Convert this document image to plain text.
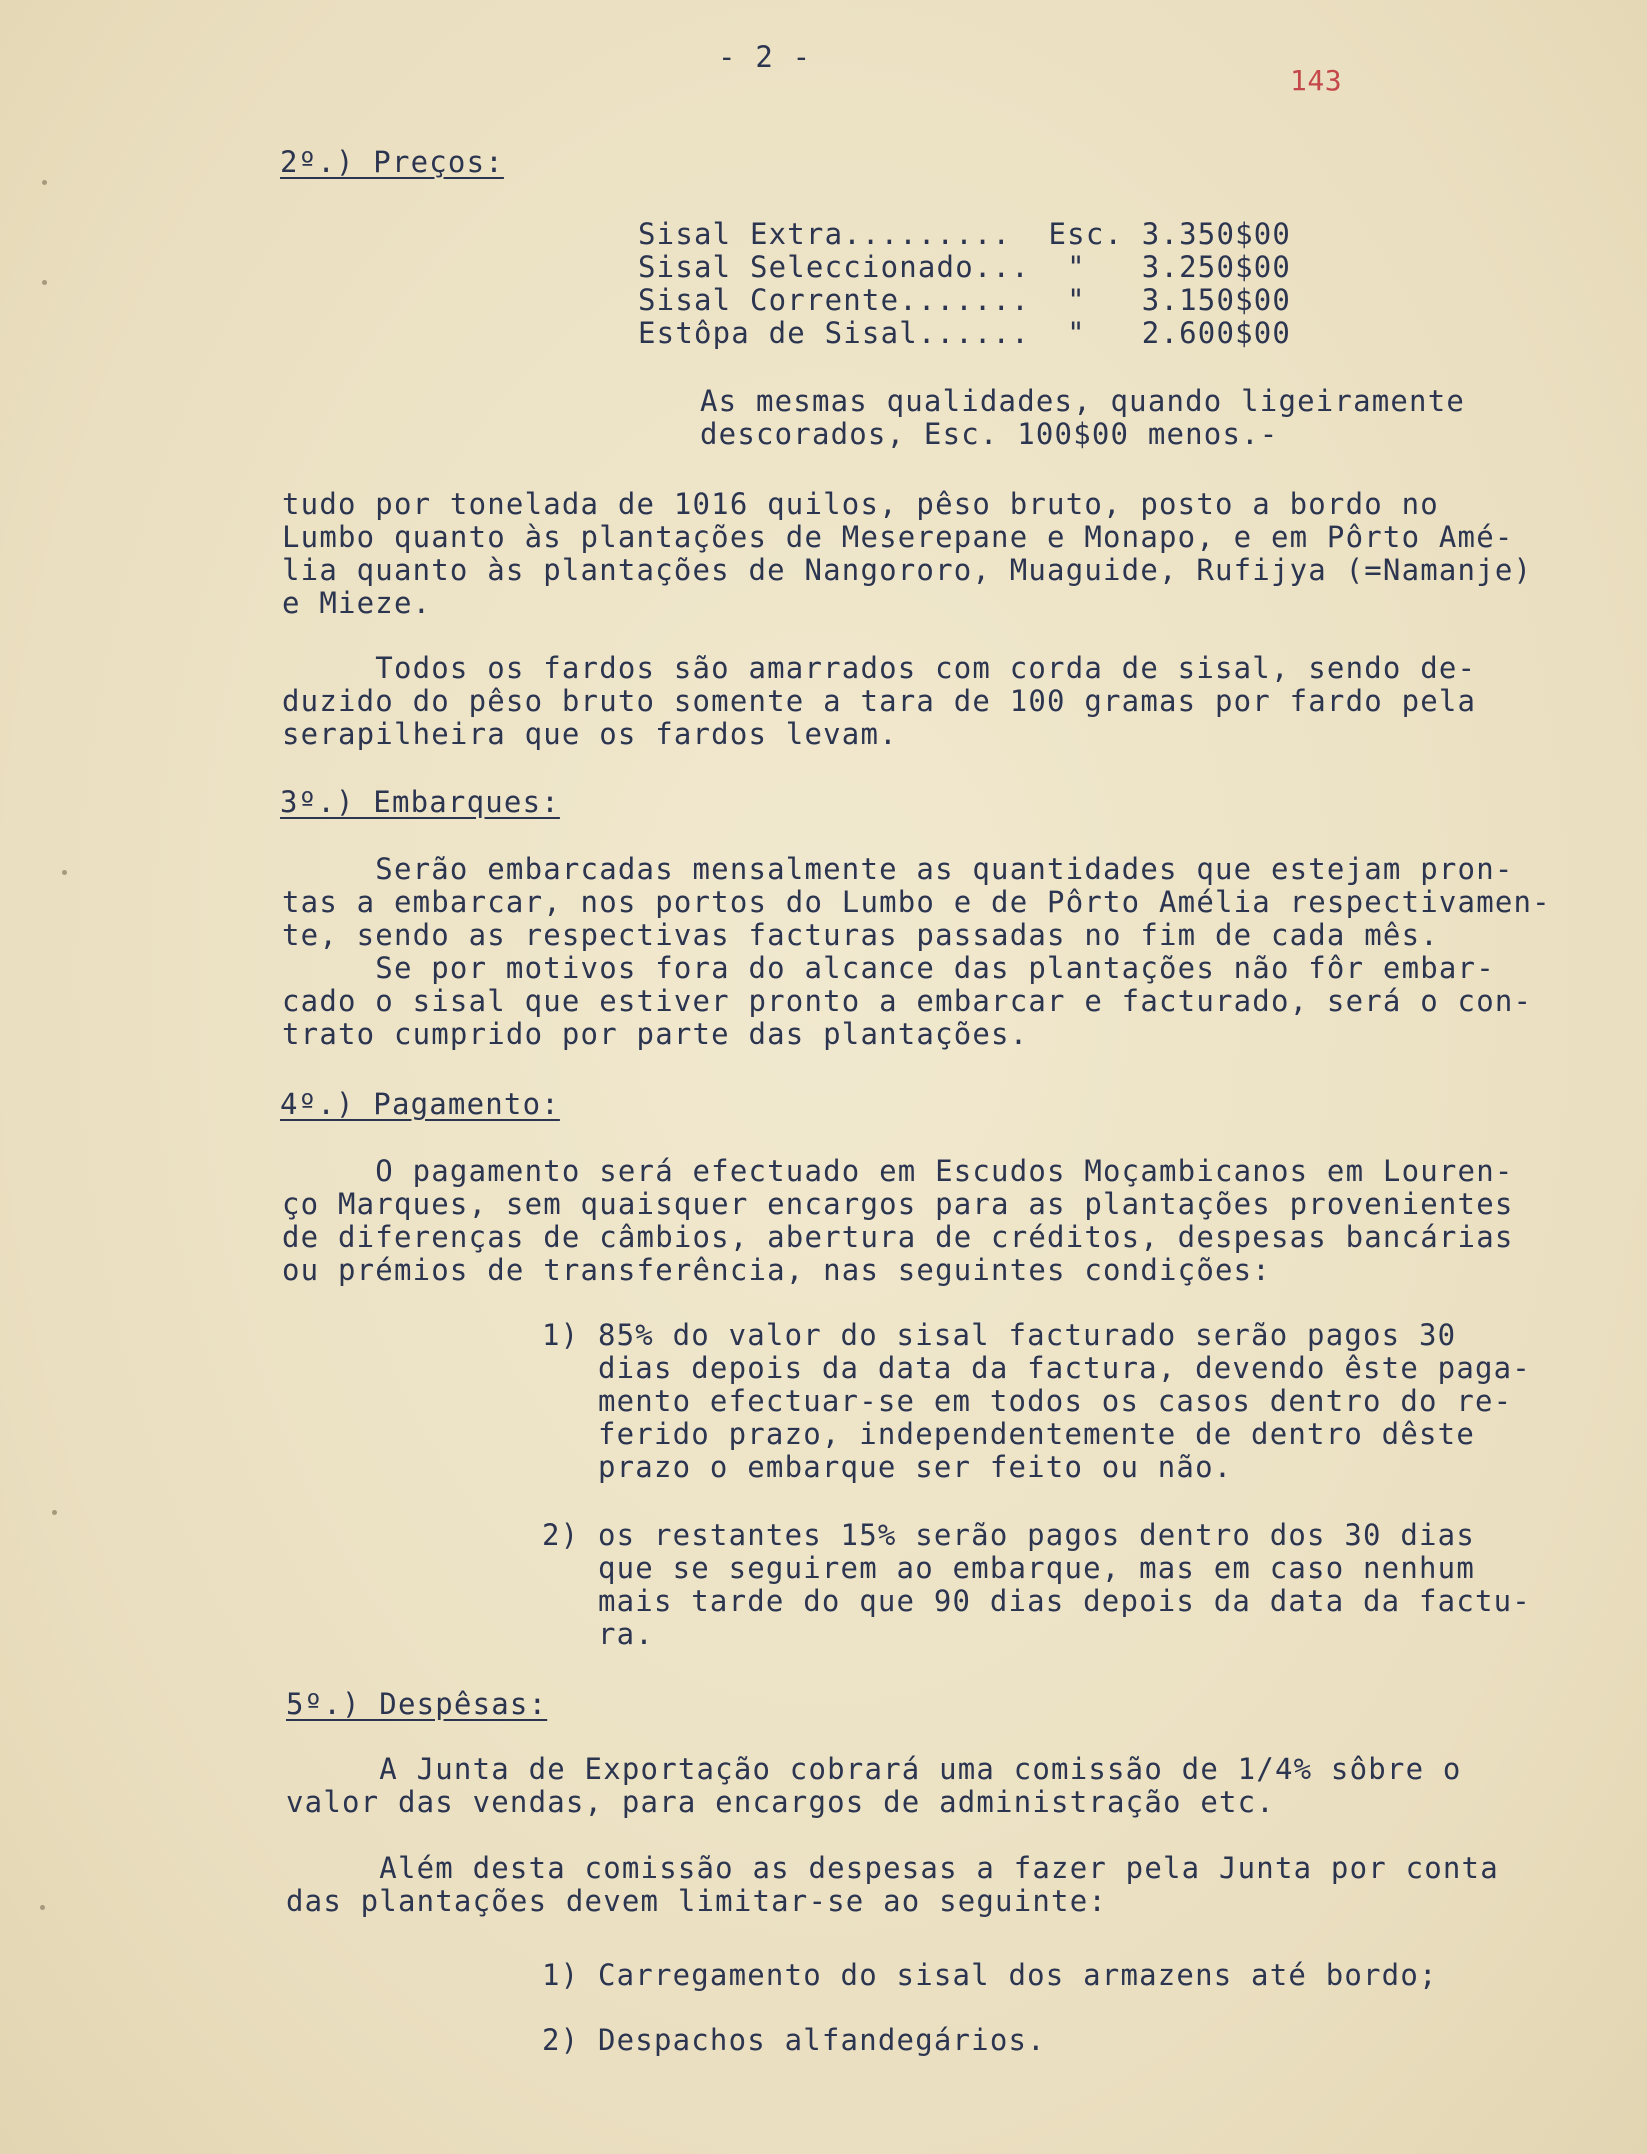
- 2 -
143
2º.) Preços:
Sisal Extra.........  Esc. 3.350$00
Sisal Seleccionado...  "   3.250$00
Sisal Corrente.......  "   3.150$00
Estôpa de Sisal......  "   2.600$00
As mesmas qualidades, quando ligeiramente
descorados, Esc. 100$00 menos.-
tudo por tonelada de 1016 quilos, pêso bruto, posto a bordo no
Lumbo quanto às plantações de Meserepane e Monapo, e em Pôrto Amé-
lia quanto às plantações de Nangororo, Muaguide, Rufijya (=Namanje)
e Mieze.
Todos os fardos são amarrados com corda de sisal, sendo de-
duzido do pêso bruto somente a tara de 100 gramas por fardo pela
serapilheira que os fardos levam.
3º.) Embarques:
Serão embarcadas mensalmente as quantidades que estejam pron-
tas a embarcar, nos portos do Lumbo e de Pôrto Amélia respectivamen-
te, sendo as respectivas facturas passadas no fim de cada mês.
Se por motivos fora do alcance das plantações não fôr embar-
cado o sisal que estiver pronto a embarcar e facturado, será o con-
trato cumprido por parte das plantações.
4º.) Pagamento:
O pagamento será efectuado em Escudos Moçambicanos em Louren-
ço Marques, sem quaisquer encargos para as plantações provenientes
de diferenças de câmbios, abertura de créditos, despesas bancárias
ou prémios de transferência, nas seguintes condições:
1) 85% do valor do sisal facturado serão pagos 30
dias depois da data da factura, devendo êste paga-
mento efectuar-se em todos os casos dentro do re-
ferido prazo, independentemente de dentro dêste
prazo o embarque ser feito ou não.
2) os restantes 15% serão pagos dentro dos 30 dias
que se seguirem ao embarque, mas em caso nenhum
mais tarde do que 90 dias depois da data da factu-
ra.
5º.) Despêsas:
A Junta de Exportação cobrará uma comissão de 1/4% sôbre o
valor das vendas, para encargos de administração etc.
Além desta comissão as despesas a fazer pela Junta por conta
das plantações devem limitar-se ao seguinte:
1) Carregamento do sisal dos armazens até bordo;
2) Despachos alfandegários.
